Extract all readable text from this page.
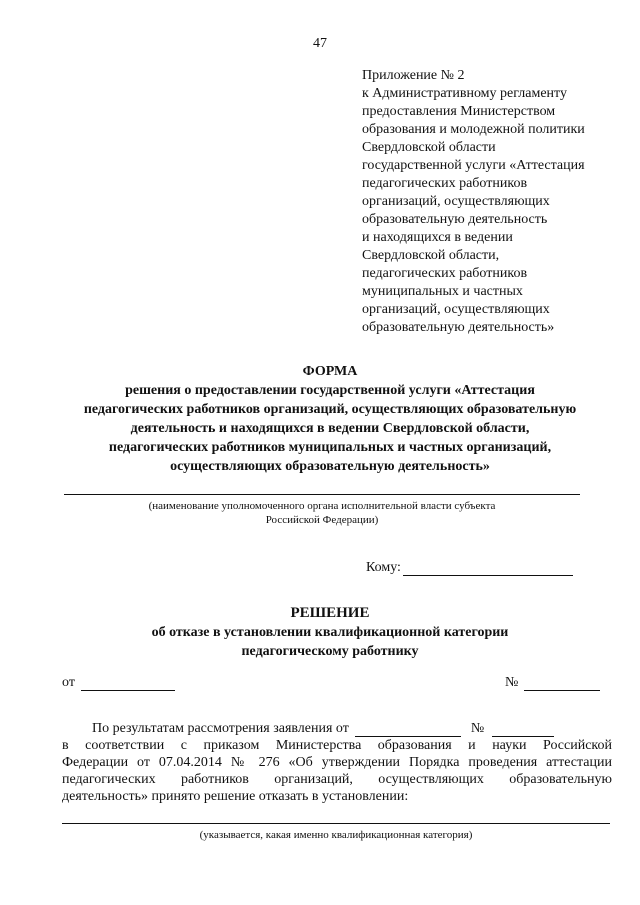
47
Приложение № 2
к Административному регламенту
предоставления Министерством
образования и молодежной политики
Свердловской области
государственной услуги «Аттестация
педагогических работников
организаций, осуществляющих
образовательную деятельность
и находящихся в ведении
Свердловской области,
педагогических работников
муниципальных и частных
организаций, осуществляющих
образовательную деятельность»
ФОРМА
решения о предоставлении государственной услуги «Аттестация
педагогических работников организаций, осуществляющих образовательную
деятельность и находящихся в ведении Свердловской области,
педагогических работников муниципальных и частных организаций,
осуществляющих образовательную деятельность»
(наименование уполномоченного органа исполнительной власти субъекта
Российской Федерации)
Кому:
РЕШЕНИЕ
об отказе в установлении квалификационной категории
педагогическому работнику
от	№
По результатам рассмотрения заявления от	№
в соответствии с приказом Министерства образования и науки Российской
Федерации от 07.04.2014 № 276 «Об утверждении Порядка проведения аттестации
педагогических работников организаций, осуществляющих образовательную
деятельность» принято решение отказать в установлении:
(указывается, какая именно квалификационная категория)
